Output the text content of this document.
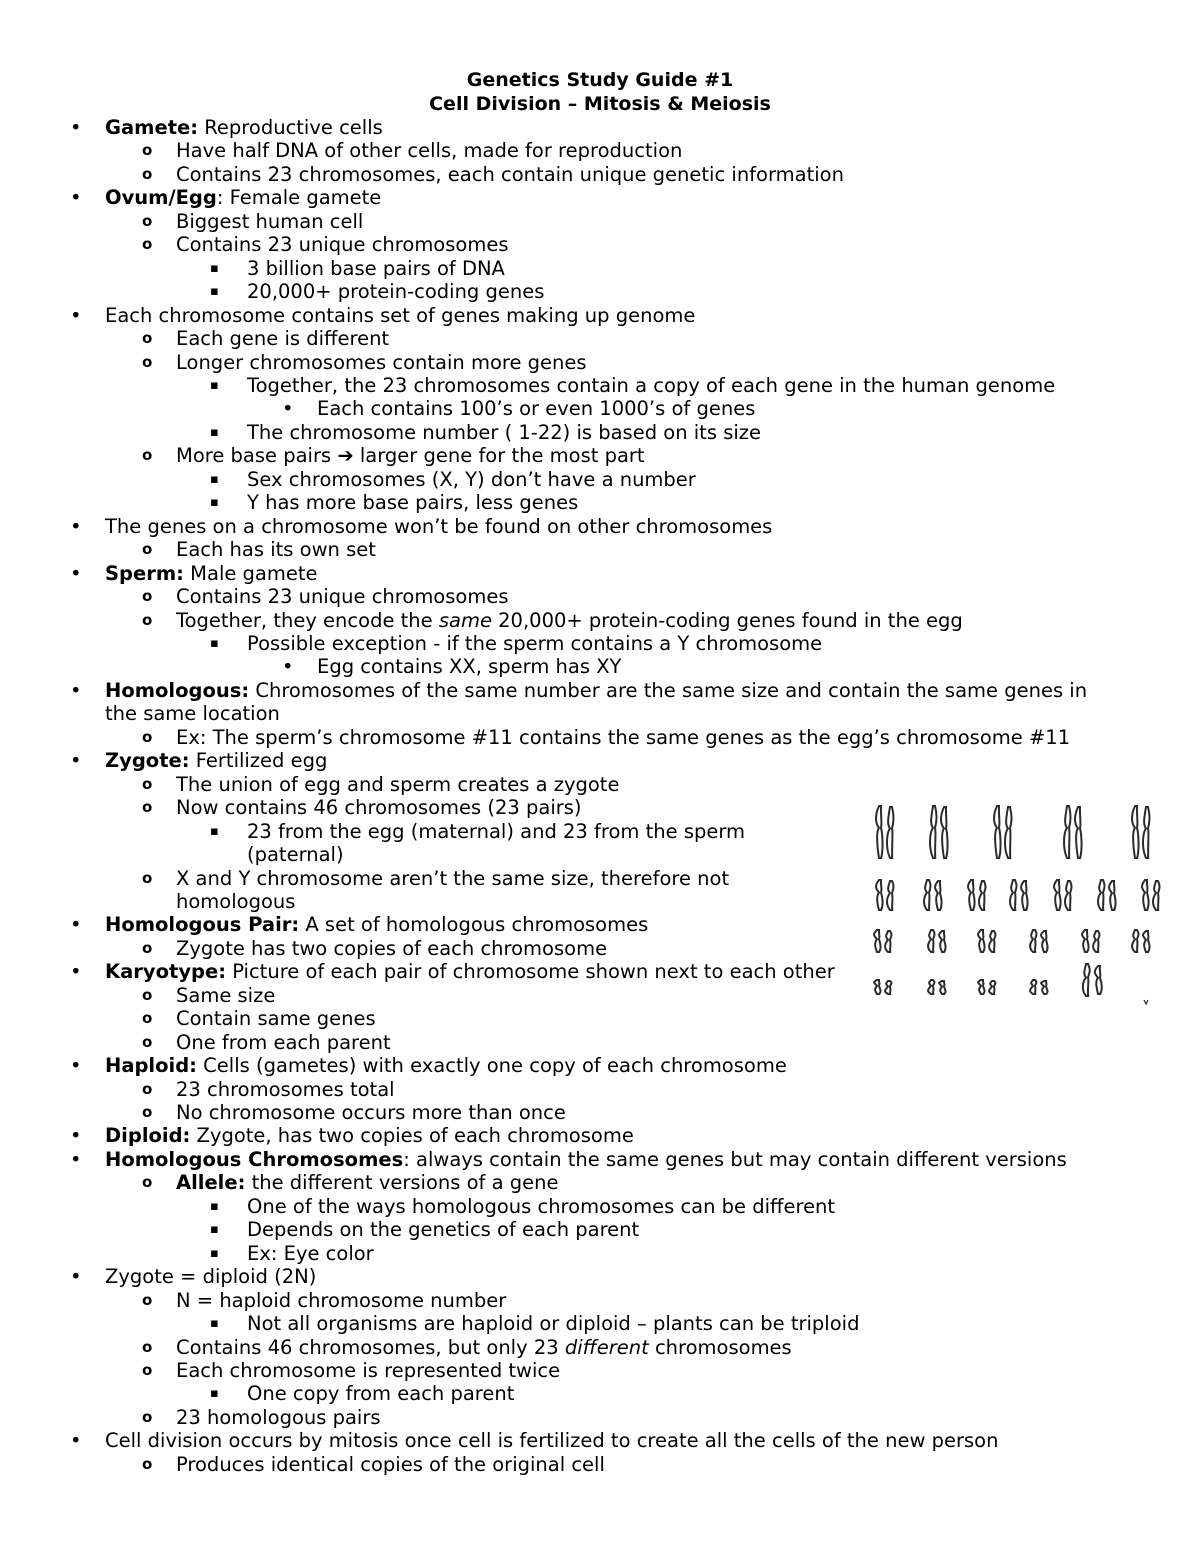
Genetics Study Guide #1
Cell Division – Mitosis & Meiosis
• Gamete: Reproductive cells
o Have half DNA of other cells, made for reproduction
o Contains 23 chromosomes, each contain unique genetic information
• Ovum/Egg: Female gamete
o Biggest human cell
o Contains 23 unique chromosomes
▪ 3 billion base pairs of DNA
▪ 20,000+ protein-coding genes
• Each chromosome contains set of genes making up genome
o Each gene is different
o Longer chromosomes contain more genes
▪ Together, the 23 chromosomes contain a copy of each gene in the human genome
• Each contains 100’s or even 1000’s of genes
▪ The chromosome number ( 1-22) is based on its size
o More base pairs ➔ larger gene for the most part
▪ Sex chromosomes (X, Y) don’t have a number
▪ Y has more base pairs, less genes
• The genes on a chromosome won’t be found on other chromosomes
o Each has its own set
• Sperm: Male gamete
o Contains 23 unique chromosomes
o Together, they encode the same 20,000+ protein-coding genes found in the egg
▪ Possible exception - if the sperm contains a Y chromosome
• Egg contains XX, sperm has XY
• Homologous: Chromosomes of the same number are the same size and contain the same genes in the same location
o Ex: The sperm’s chromosome #11 contains the same genes as the egg’s chromosome #11
• Zygote: Fertilized egg
o The union of egg and sperm creates a zygote
o Now contains 46 chromosomes (23 pairs)
▪ 23 from the egg (maternal) and 23 from the sperm (paternal)
o X and Y chromosome aren’t the same size, therefore not homologous
• Homologous Pair: A set of homologous chromosomes
o Zygote has two copies of each chromosome
• Karyotype: Picture of each pair of chromosome shown next to each other
o Same size
o Contain same genes
o One from each parent
• Haploid: Cells (gametes) with exactly one copy of each chromosome
o 23 chromosomes total
o No chromosome occurs more than once
• Diploid: Zygote, has two copies of each chromosome
• Homologous Chromosomes: always contain the same genes but may contain different versions
o Allele: the different versions of a gene
▪ One of the ways homologous chromosomes can be different
▪ Depends on the genetics of each parent
▪ Ex: Eye color
• Zygote = diploid (2N)
o N = haploid chromosome number
▪ Not all organisms are haploid or diploid – plants can be triploid
o Contains 46 chromosomes, but only 23 different chromosomes
o Each chromosome is represented twice
▪ One copy from each parent
o 23 homologous pairs
• Cell division occurs by mitosis once cell is fertilized to create all the cells of the new person
o Produces identical copies of the original cell
